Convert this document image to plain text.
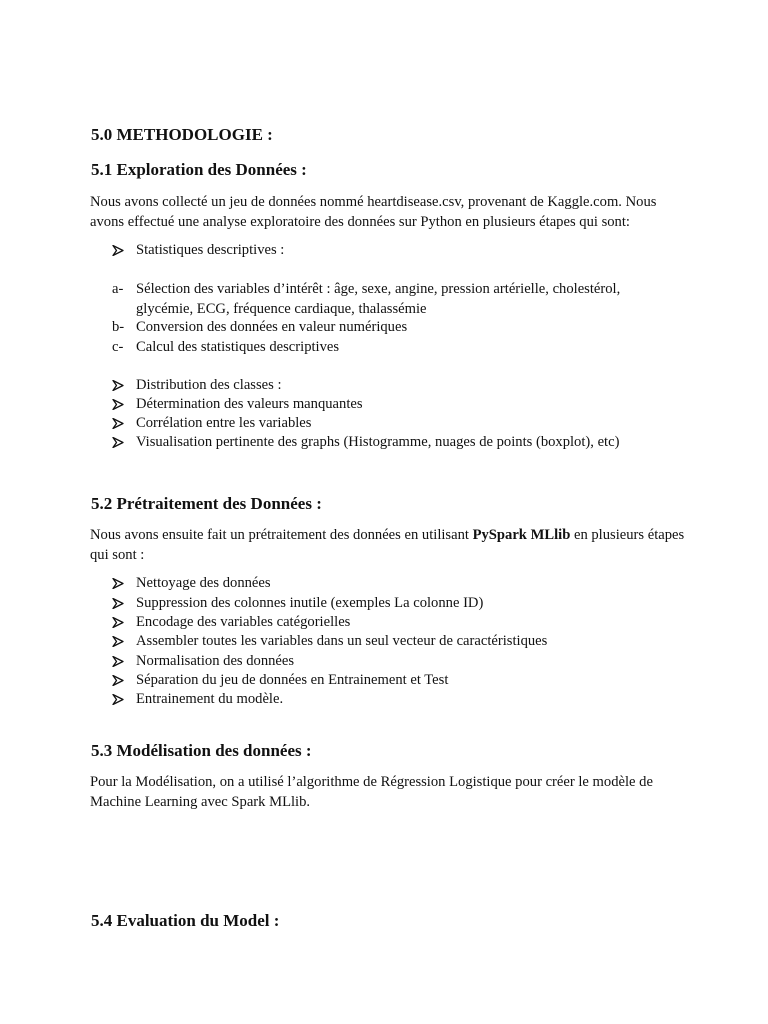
5.0 METHODOLOGIE :
5.1 Exploration des Données :

Nous avons collecté un jeu de données nommé heartdisease.csv, provenant de Kaggle.com. Nous avons effectué une analyse exploratoire des données sur Python en plusieurs étapes qui sont:

Statistiques descriptives :
a- Sélection des variables d’intérêt : âge, sexe, angine, pression artérielle, cholestérol, glycémie, ECG, fréquence cardiaque, thalassémie
b- Conversion des données en valeur numériques
c- Calcul des statistiques descriptives
Distribution des classes :
Détermination des valeurs manquantes
Corrélation entre les variables
Visualisation pertinente des graphs (Histogramme, nuages de points (boxplot), etc)
5.2 Prétraitement des Données :

Nous avons ensuite fait un prétraitement des données en utilisant PySpark MLlib en plusieurs étapes qui sont :

Nettoyage des données
Suppression des colonnes inutile (exemples La colonne ID)
Encodage des variables catégorielles
Assembler toutes les variables dans un seul vecteur de caractéristiques
Normalisation des données
Séparation du jeu de données en Entrainement et Test
Entrainement du modèle.
5.3 Modélisation des données :

Pour la Modélisation, on a utilisé l’algorithme de Régression Logistique pour créer le modèle de Machine Learning avec Spark MLlib.

5.4 Evaluation du Model :
